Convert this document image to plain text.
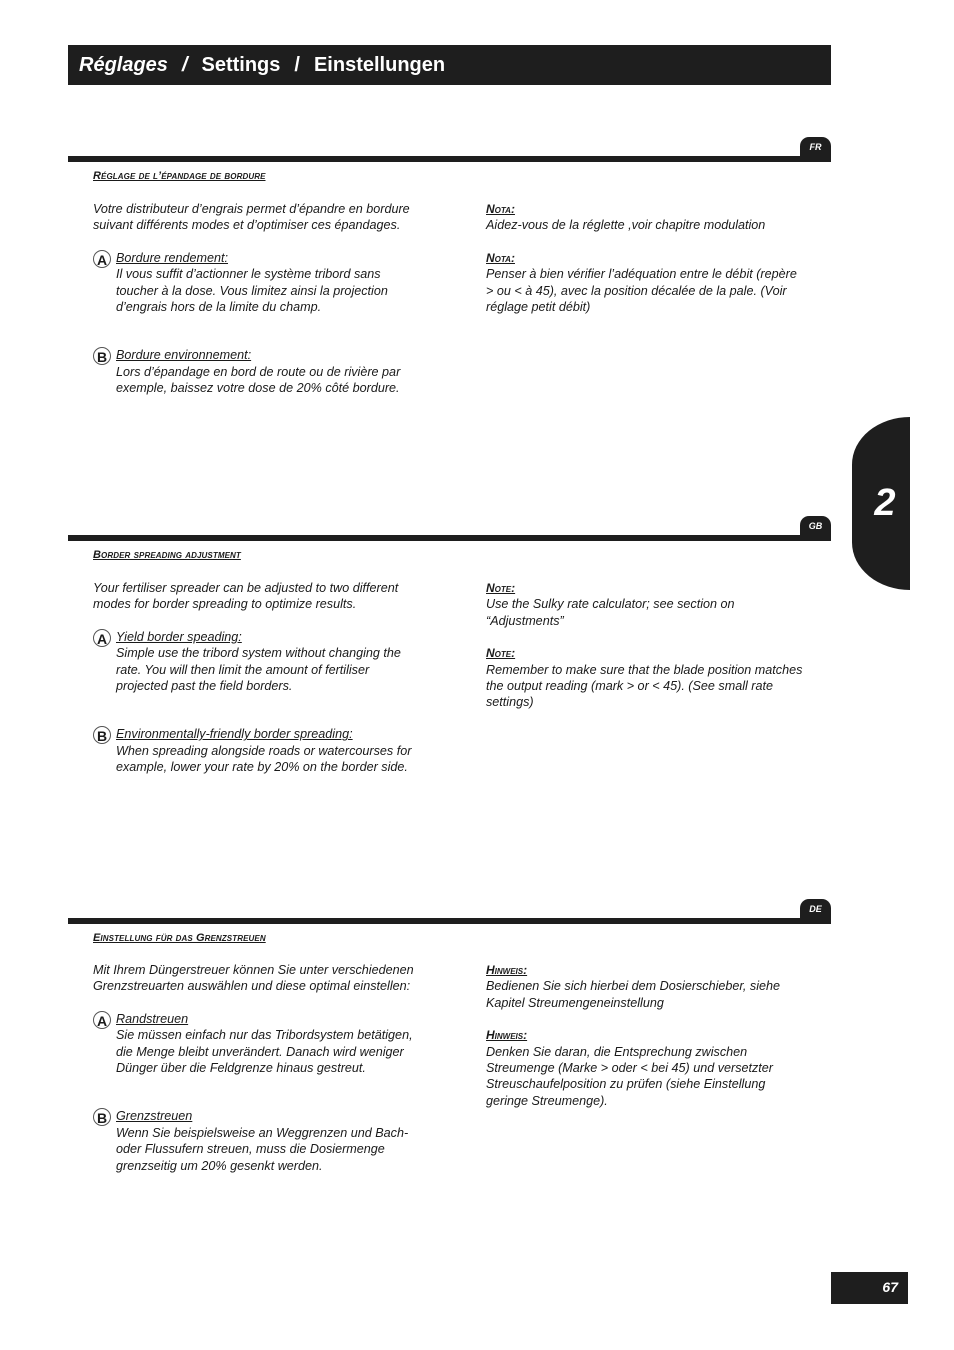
Réglages / Settings / Einstellungen
2
FR
Réglage de l’épandage de bordure

Votre distributeur d’engrais permet d’épandre en bordure suivant différents modes et d’optimiser ces épandages.

A Bordure rendement:
Il vous suffit d’actionner le système tribord sans toucher à la dose. Vous limitez ainsi la projection d’engrais hors de la limite du champ.
B Bordure environnement:
Lors d’épandage en bord de route ou de rivière par exemple, baissez votre dose de 20% côté bordure.
Nota:

Aidez-vous de la réglette ,voir chapitre modulation

Nota:

Penser à bien vérifier l’adéquation entre le débit (repère > ou < à 45), avec la position décalée de la pale. (Voir réglage petit débit)

GB
Border spreading adjustment

Your fertiliser spreader can be adjusted to two different modes for border spreading to optimize results.

A Yield border speading:
Simple use the tribord system without changing the rate. You will then limit the amount of fertiliser projected past the field borders.
B Environmentally-friendly border spreading:
When spreading alongside roads or watercourses for example, lower your rate by 20% on the border side.
Note:

Use the Sulky rate calculator; see section on “Adjustments”

Note:

Remember to make sure that the blade position matches the output reading (mark > or < 45). (See small rate settings)

DE
Einstellung für das Grenzstreuen

Mit Ihrem Düngerstreuer können Sie unter verschiedenen Grenzstreuarten auswählen und diese optimal einstellen:

A Randstreuen
Sie müssen einfach nur das Tribordsystem betätigen, die Menge bleibt unverändert. Danach wird weniger Dünger über die Feldgrenze hinaus gestreut.
B Grenzstreuen
Wenn Sie beispielsweise an Weggrenzen und Bach- oder Flussufern streuen, muss die Dosiermenge grenzseitig um 20% gesenkt werden.
Hinweis:

Bedienen Sie sich hierbei dem Dosierschieber, siehe Kapitel Streumengeneinstellung

Hinweis:

Denken Sie daran, die Entsprechung zwischen Streumenge (Marke > oder < bei 45) und versetzter Streuschaufelposition zu prüfen (siehe Einstellung geringe Streumenge).

67
